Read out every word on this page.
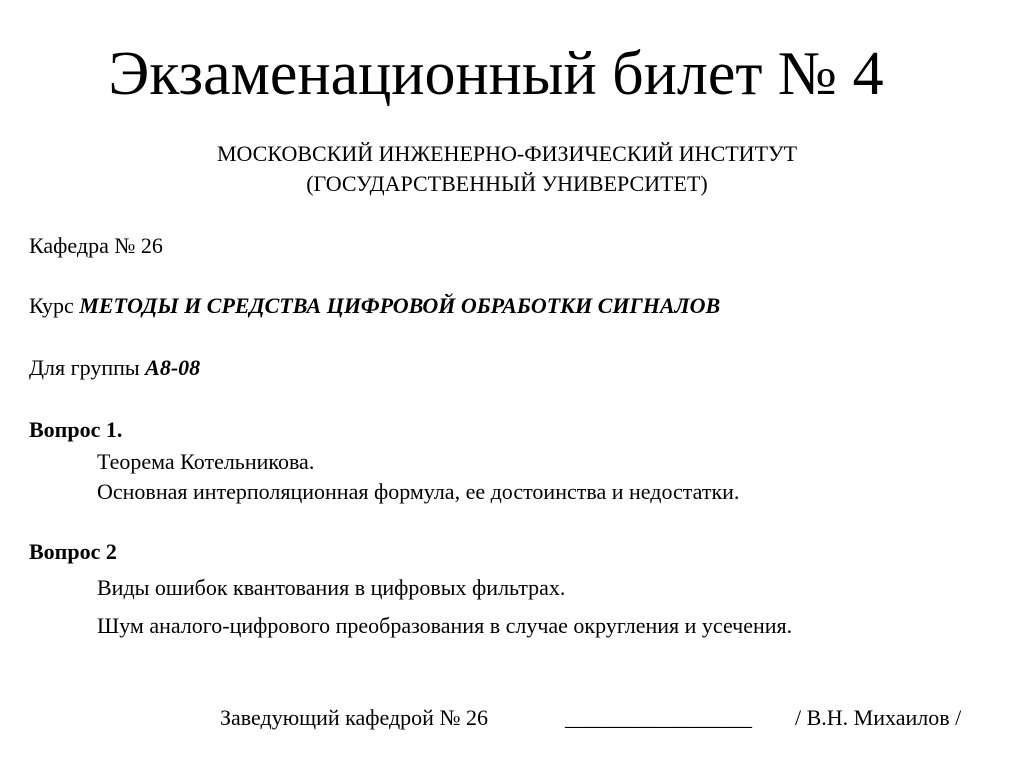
Экзаменационный билет № 4
МОСКОВСКИЙ ИНЖЕНЕРНО-ФИЗИЧЕСКИЙ ИНСТИТУТ
(ГОСУДАРСТВЕННЫЙ УНИВЕРСИТЕТ)
Кафедра № 26
Курс МЕТОДЫ И СРЕДСТВА ЦИФРОВОЙ ОБРАБОТКИ СИГНАЛОВ
Для группы А8-08
Вопрос 1.
Теорема Котельникова.
Основная интерполяционная формула, ее достоинства и недостатки.
Вопрос 2
Виды ошибок квантования в цифровых фильтрах.
Шум аналого-цифрового преобразования в случае округления и усечения.
Заведующий кафедрой № 26	_________________ / В.Н. Михаилов /
